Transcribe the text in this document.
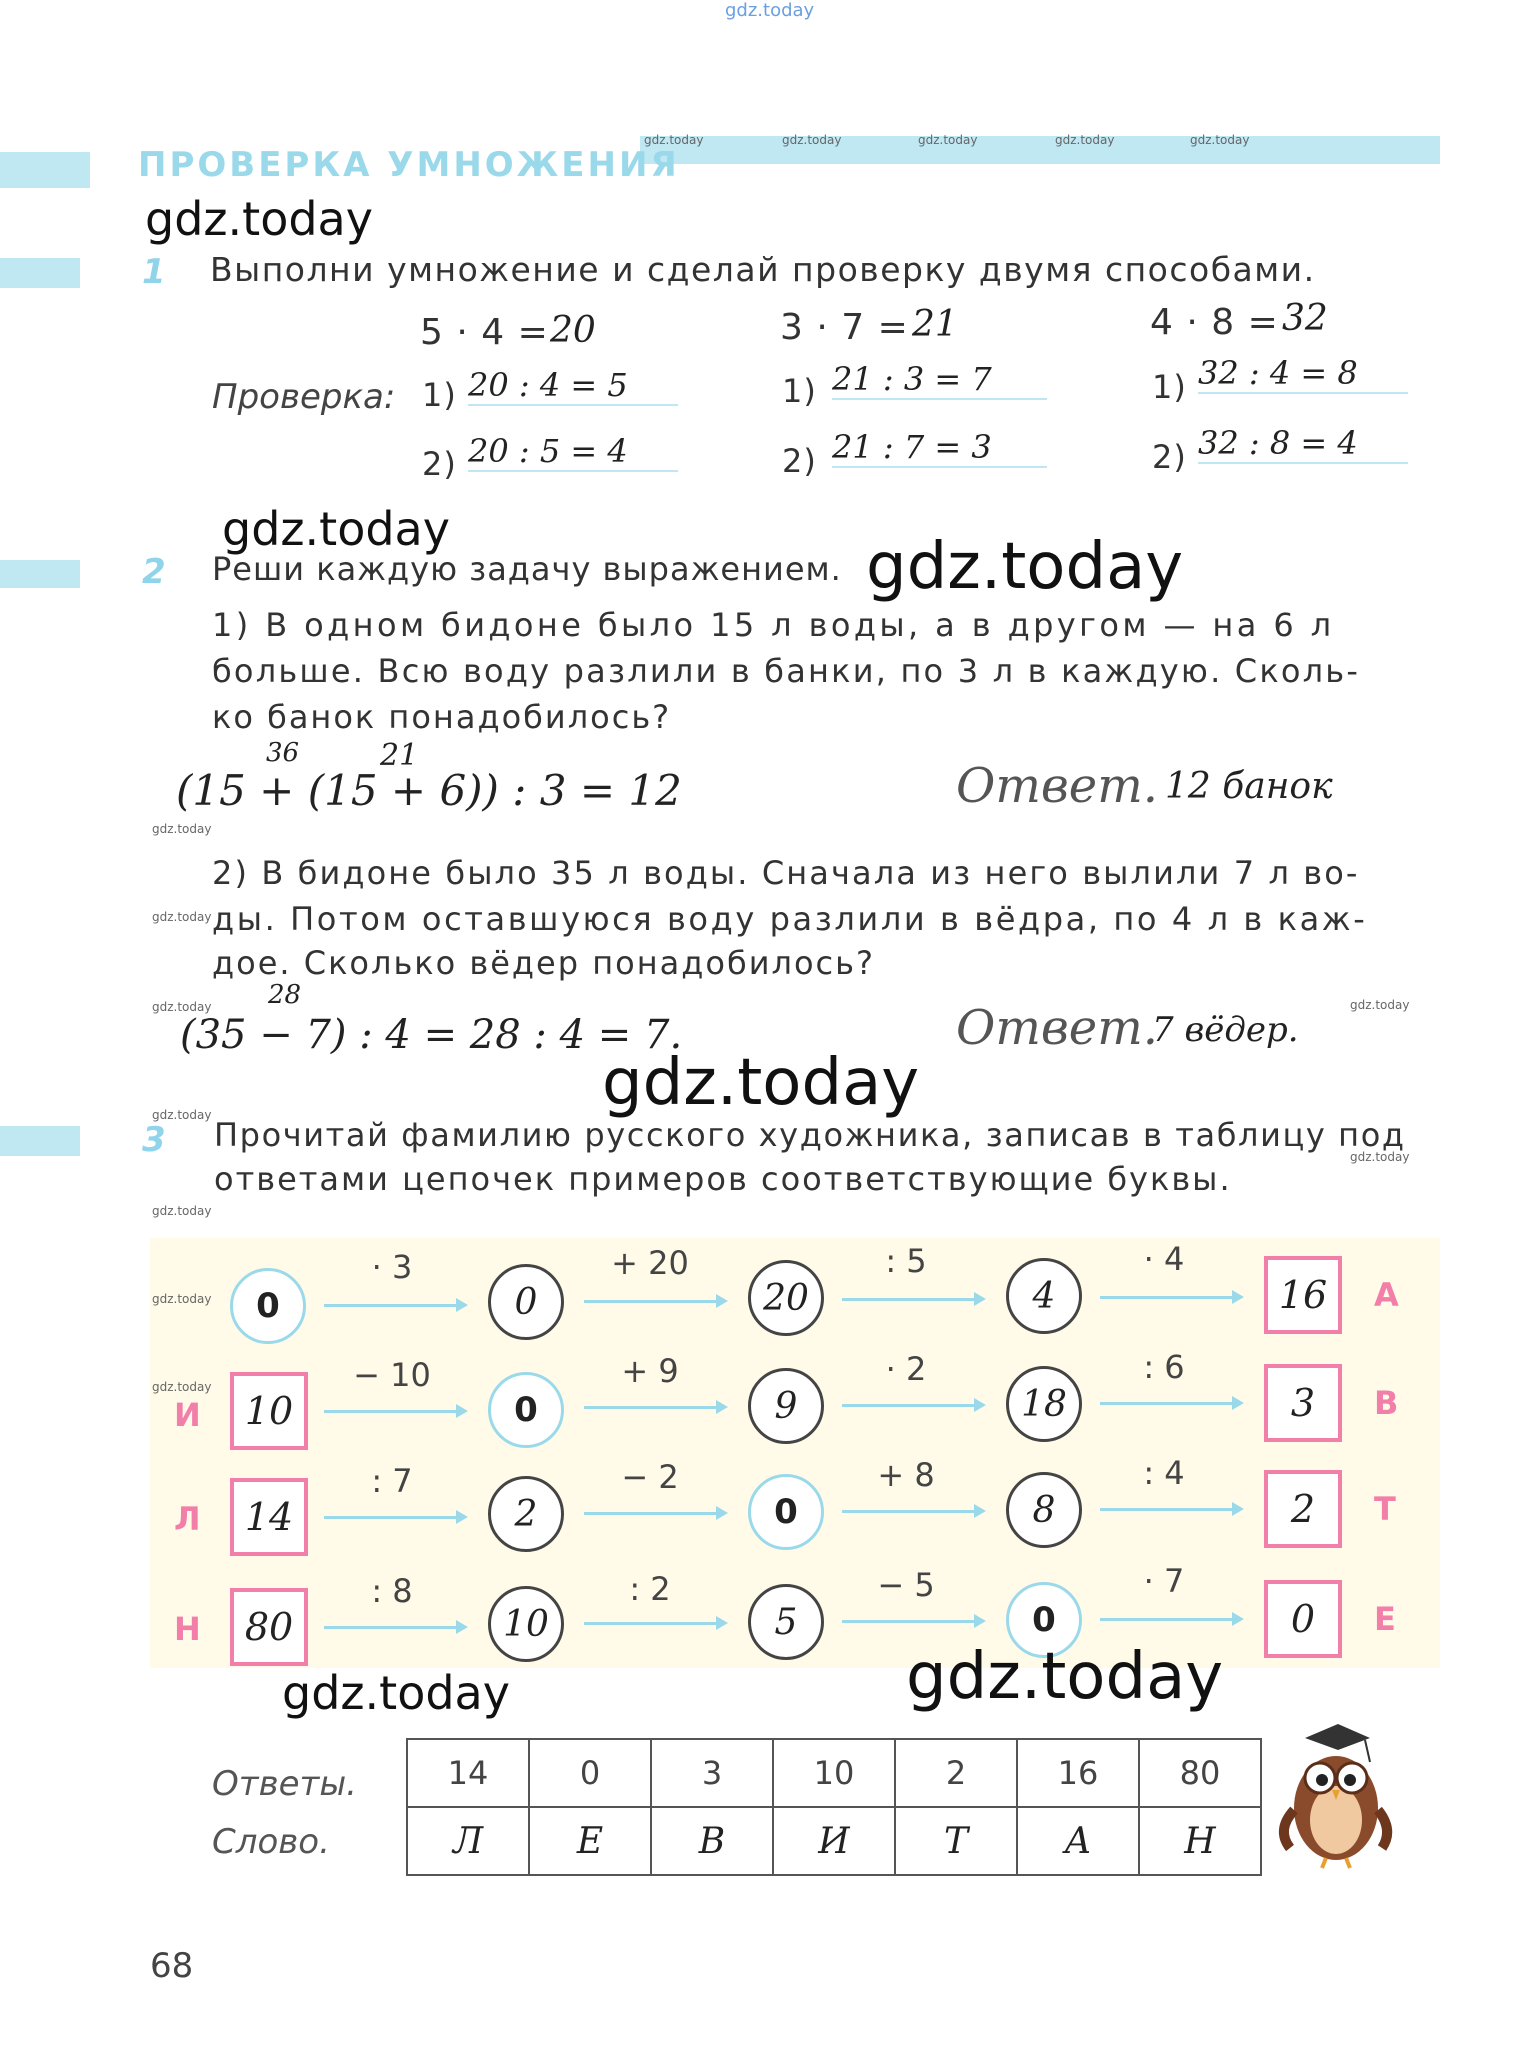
gdz.today
ПРОВЕРКА УМНОЖЕНИЯ
gdz.today	gdz.today	gdz.today	gdz.today	gdz.today
gdz.today
1 Выполни умножение и сделай проверку двумя способами.
Проверка:
5 · 4 = 20
1) 20 : 4 = 5
2) 20 : 5 = 4
3 · 7 = 21
1) 21 : 3 = 7
2) 21 : 7 = 3
4 · 8 = 32
1) 32 : 4 = 8
2) 32 : 8 = 4
gdz.today
2 Реши каждую задачу выражением. gdz.today
1) В одном бидоне было 15 л воды, а в другом — на 6 л
больше. Всю воду разлили в банки, по 3 л в каждую. Сколь-
ко банок понадобилось?
36	21
(15 + (15 + 6)) : 3 = 12
gdz.today
Ответ. 12 банок
2) В бидоне было 35 л воды. Сначала из него вылили 7 л во-
gdz.today ды. Потом оставшуюся воду разлили в вёдра, по 4 л в каж-
дое. Сколько вёдер понадобилось?
28
gdz.today
(35 − 7) : 4 = 28 : 4 = 7.	Ответ.
7 вёдер.
gdz.today
gdz.today
gdz.today
3 Прочитай фамилию русского художника, записав в таблицу под
gdz.today
ответами цепочек примеров соответствующие буквы.
gdz.today
gdz.today	0
· 3
0
+ 20
20
: 5
4
· 4
16	А
gdz.today
И	10
− 10
0
+ 9
9
· 2
18
: 6
3	В
Л	14
: 7
2
− 2
0
+ 8
8
: 4
2	Т
Н	80
: 8
10
: 2
5
− 5
0
· 7
0	Е
gdz.today	gdz.today
Ответы.
Слово.
14	0	3	10	2	16	80
Л	Е	В	И	Т	А	Н
68
